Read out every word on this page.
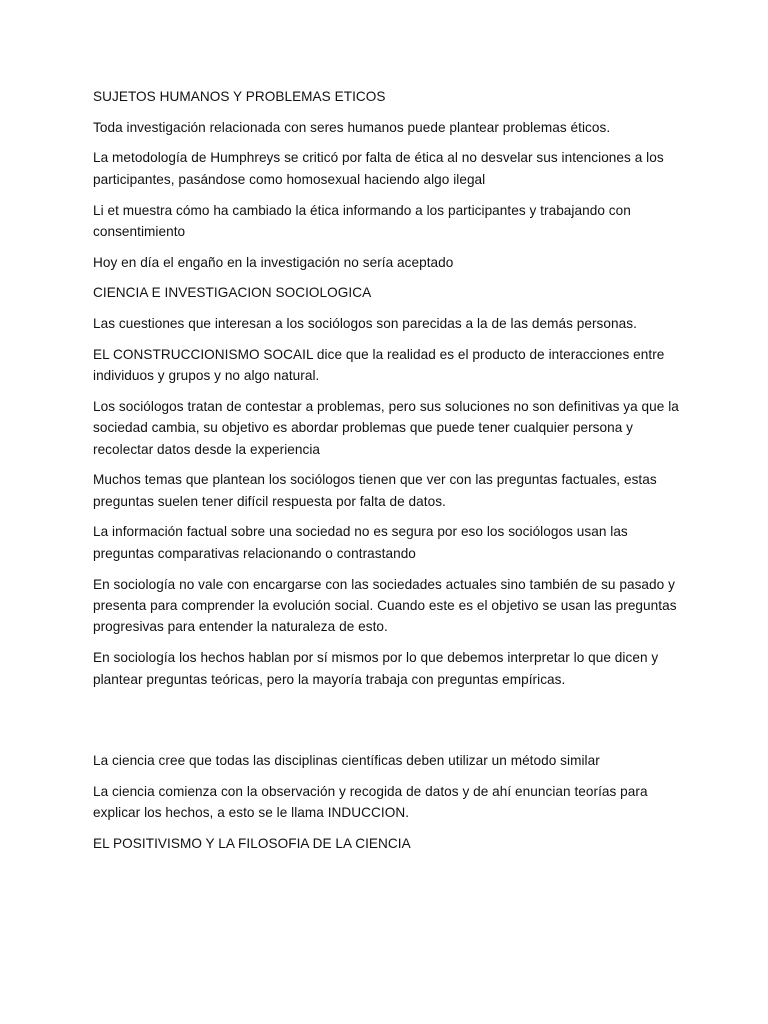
SUJETOS HUMANOS Y PROBLEMAS ETICOS

Toda investigación relacionada con seres humanos puede plantear problemas éticos.

La metodología de Humphreys se criticó por falta de ética al no desvelar sus intenciones a los participantes, pasándose como homosexual haciendo algo ilegal

Li et muestra cómo ha cambiado la ética informando a los participantes y trabajando con consentimiento

Hoy en día el engaño en la investigación no sería aceptado

CIENCIA E INVESTIGACION SOCIOLOGICA

Las cuestiones que interesan a los sociólogos son parecidas a la de las demás personas.

EL CONSTRUCCIONISMO SOCAIL dice que la realidad es el producto de interacciones entre individuos y grupos y no algo natural.

Los sociólogos tratan de contestar a problemas, pero sus soluciones no son definitivas ya que la sociedad cambia, su objetivo es abordar problemas que puede tener cualquier persona y recolectar datos desde la experiencia

Muchos temas que plantean los sociólogos tienen que ver con las preguntas factuales, estas preguntas suelen tener difícil respuesta por falta de datos.

La información factual sobre una sociedad no es segura por eso los sociólogos usan las preguntas comparativas relacionando o contrastando

En sociología no vale con encargarse con las sociedades actuales sino también de su pasado y presenta para comprender la evolución social. Cuando este es el objetivo se usan las preguntas progresivas para entender la naturaleza de esto.

En sociología los hechos hablan por sí mismos por lo que debemos interpretar lo que dicen y plantear preguntas teóricas, pero la mayoría trabaja con preguntas empíricas.

La ciencia cree que todas las disciplinas científicas deben utilizar un método similar

La ciencia comienza con la observación y recogida de datos y de ahí enuncian teorías para explicar los hechos, a esto se le llama INDUCCION.

EL POSITIVISMO Y LA FILOSOFIA DE LA CIENCIA
